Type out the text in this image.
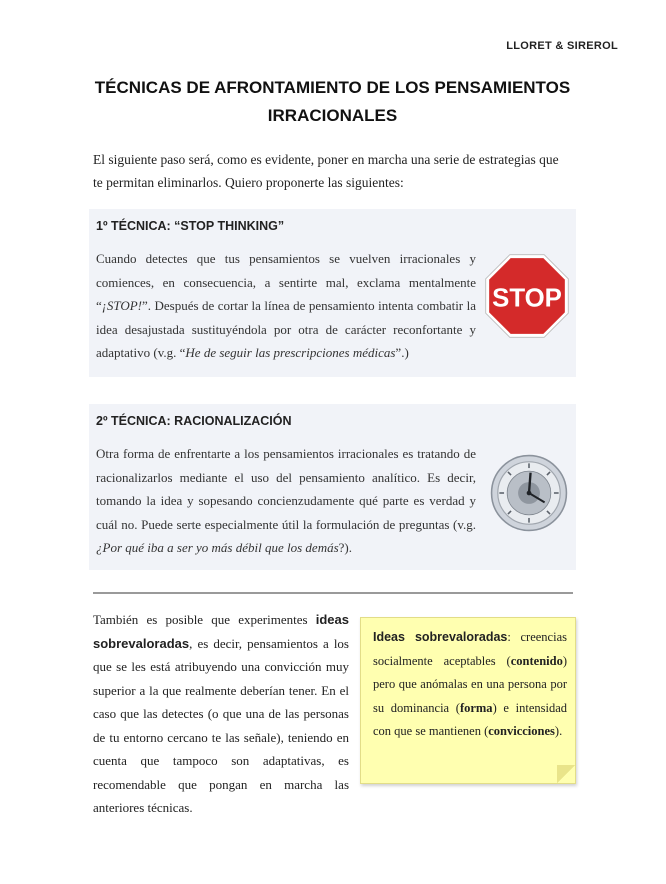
LLORET & SIREROL
TÉCNICAS DE AFRONTAMIENTO DE LOS PENSAMIENTOS
IRRACIONALES
El siguiente paso será, como es evidente, poner en marcha una serie de estrategias que te permitan eliminarlos. Quiero proponerte las siguientes:
1º TÉCNICA: “STOP THINKING”
Cuando detectes que tus pensamientos se vuelven irracionales y comiences, en consecuencia, a sentirte mal, exclama mentalmente “¡STOP!”. Después de cortar la línea de pensamiento intenta combatir la idea desajustada sustituyéndola por otra de carácter reconfortante y adaptativo (v.g. “He de seguir las prescripciones médicas”.)
STOP
2º TÉCNICA: RACIONALIZACIÓN
Otra forma de enfrentarte a los pensamientos irracionales es tratando de racionalizarlos mediante el uso del pensamiento analítico. Es decir, tomando la idea y sopesando concienzudamente qué parte es verdad y cuál no. Puede serte especialmente útil la formulación de preguntas (v.g. ¿Por qué iba a ser yo más débil que los demás?).
También es posible que experimentes ideas sobrevaloradas, es decir, pensamientos a los que se les está atribuyendo una convicción muy superior a la que realmente deberían tener. En el caso que las detectes (o que una de las personas de tu entorno cercano te las señale), teniendo en cuenta que tampoco son adaptativas, es recomendable que pongan en marcha las anteriores técnicas.
Ideas sobrevaloradas: creencias socialmente aceptables (contenido) pero que anómalas en una persona por su dominancia (forma) e intensidad con que se mantienen (convicciones).
